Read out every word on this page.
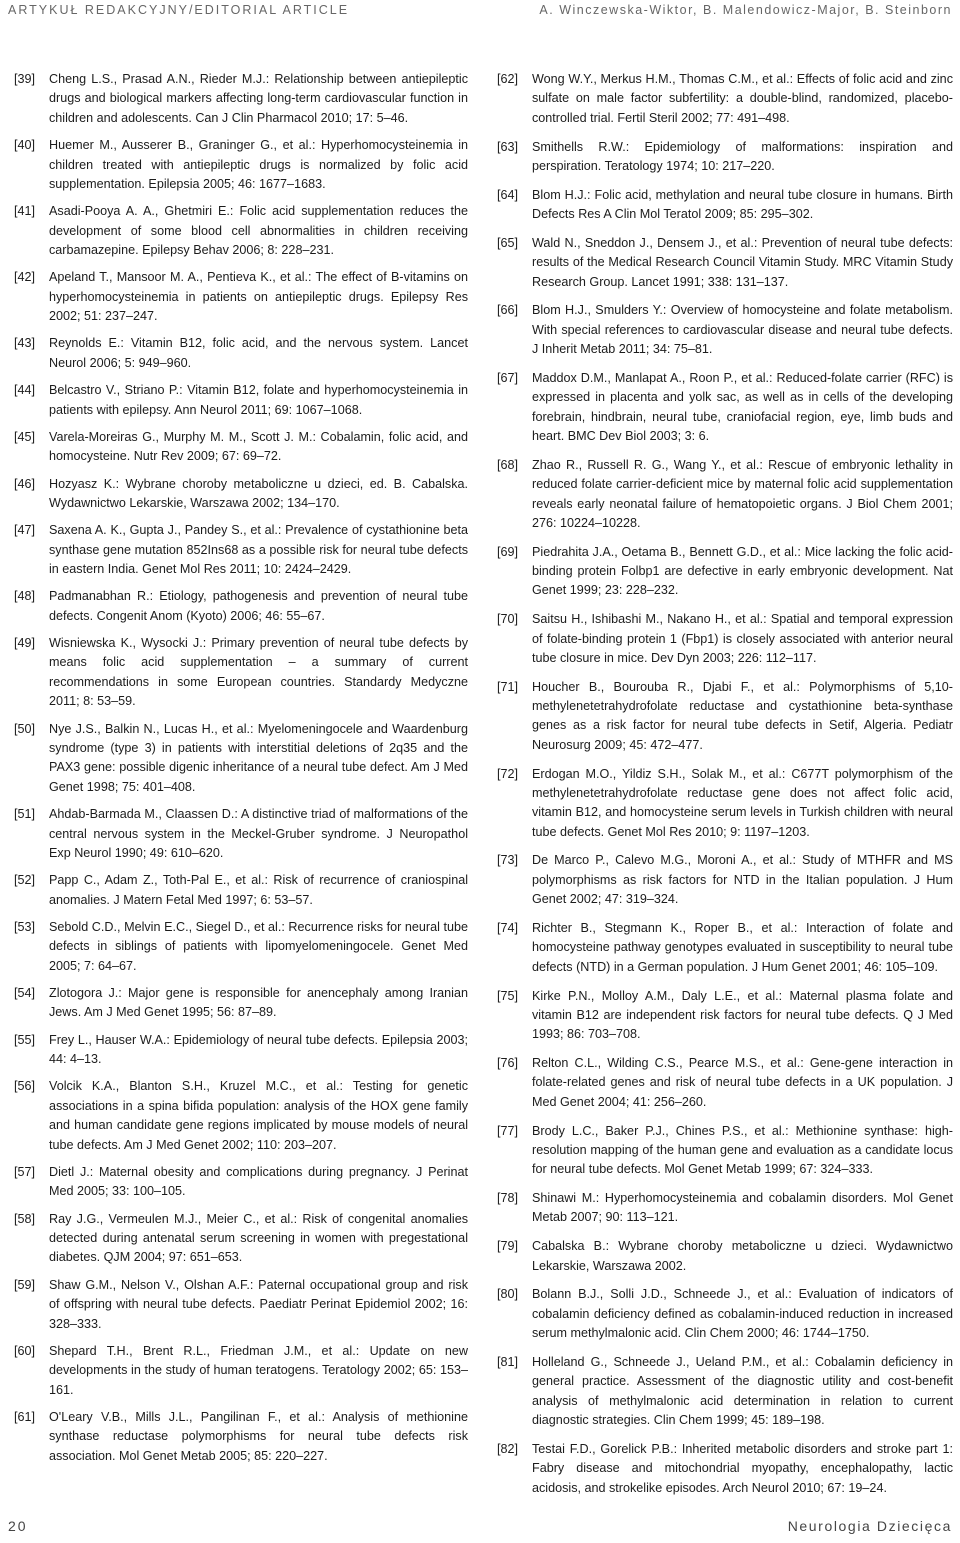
ARTYKUŁ REDAKCYJNY/EDITORIAL ARTICLE	A. Winczewska-Wiktor, B. Malendowicz-Major, B. Steinborn
[39] Cheng L.S., Prasad A.N., Rieder M.J.: Relationship between antiepileptic drugs and biological markers affecting long-term cardiovascular function in children and adolescents. Can J Clin Pharmacol 2010; 17: 5–46.
[40] Huemer M., Ausserer B., Graninger G., et al.: Hyperhomocysteinemia in children treated with antiepileptic drugs is normalized by folic acid supplementation. Epilepsia 2005; 46: 1677–1683.
[41] Asadi-Pooya A. A., Ghetmiri E.: Folic acid supplementation reduces the development of some blood cell abnormalities in children receiving carbamazepine. Epilepsy Behav 2006; 8: 228–231.
[42] Apeland T., Mansoor M. A., Pentieva K., et al.: The effect of B-vitamins on hyperhomocysteinemia in patients on antiepileptic drugs. Epilepsy Res 2002; 51: 237–247.
[43] Reynolds E.: Vitamin B12, folic acid, and the nervous system. Lancet Neurol 2006; 5: 949–960.
[44] Belcastro V., Striano P.: Vitamin B12, folate and hyperhomocysteinemia in patients with epilepsy. Ann Neurol 2011; 69: 1067–1068.
[45] Varela-Moreiras G., Murphy M. M., Scott J. M.: Cobalamin, folic acid, and homocysteine. Nutr Rev 2009; 67: 69–72.
[46] Hozyasz K.: Wybrane choroby metaboliczne u dzieci, ed. B. Cabalska. Wydawnictwo Lekarskie, Warszawa 2002; 134–170.
[47] Saxena A. K., Gupta J., Pandey S., et al.: Prevalence of cystathionine beta synthase gene mutation 852Ins68 as a possible risk for neural tube defects in eastern India. Genet Mol Res 2011; 10: 2424–2429.
[48] Padmanabhan R.: Etiology, pathogenesis and prevention of neural tube defects. Congenit Anom (Kyoto) 2006; 46: 55–67.
[49] Wisniewska K., Wysocki J.: Primary prevention of neural tube defects by means folic acid supplementation – a summary of current recommendations in some European countries. Standardy Medyczne 2011; 8: 53–59.
[50] Nye J.S., Balkin N., Lucas H., et al.: Myelomeningocele and Waardenburg syndrome (type 3) in patients with interstitial deletions of 2q35 and the PAX3 gene: possible digenic inheritance of a neural tube defect. Am J Med Genet 1998; 75: 401–408.
[51] Ahdab-Barmada M., Claassen D.: A distinctive triad of malformations of the central nervous system in the Meckel-Gruber syndrome. J Neuropathol Exp Neurol 1990; 49: 610–620.
[52] Papp C., Adam Z., Toth-Pal E., et al.: Risk of recurrence of craniospinal anomalies. J Matern Fetal Med 1997; 6: 53–57.
[53] Sebold C.D., Melvin E.C., Siegel D., et al.: Recurrence risks for neural tube defects in siblings of patients with lipomyelomeningocele. Genet Med 2005; 7: 64–67.
[54] Zlotogora J.: Major gene is responsible for anencephaly among Iranian Jews. Am J Med Genet 1995; 56: 87–89.
[55] Frey L., Hauser W.A.: Epidemiology of neural tube defects. Epilepsia 2003; 44: 4–13.
[56] Volcik K.A., Blanton S.H., Kruzel M.C., et al.: Testing for genetic associations in a spina bifida population: analysis of the HOX gene family and human candidate gene regions implicated by mouse models of neural tube defects. Am J Med Genet 2002; 110: 203–207.
[57] Dietl J.: Maternal obesity and complications during pregnancy. J Perinat Med 2005; 33: 100–105.
[58] Ray J.G., Vermeulen M.J., Meier C., et al.: Risk of congenital anomalies detected during antenatal serum screening in women with pregestational diabetes. QJM 2004; 97: 651–653.
[59] Shaw G.M., Nelson V., Olshan A.F.: Paternal occupational group and risk of offspring with neural tube defects. Paediatr Perinat Epidemiol 2002; 16: 328–333.
[60] Shepard T.H., Brent R.L., Friedman J.M., et al.: Update on new developments in the study of human teratogens. Teratology 2002; 65: 153–161.
[61] O'Leary V.B., Mills J.L., Pangilinan F., et al.: Analysis of methionine synthase reductase polymorphisms for neural tube defects risk association. Mol Genet Metab 2005; 85: 220–227.
[62] Wong W.Y., Merkus H.M., Thomas C.M., et al.: Effects of folic acid and zinc sulfate on male factor subfertility: a double-blind, randomized, placebo-controlled trial. Fertil Steril 2002; 77: 491–498.
[63] Smithells R.W.: Epidemiology of malformations: inspiration and perspiration. Teratology 1974; 10: 217–220.
[64] Blom H.J.: Folic acid, methylation and neural tube closure in humans. Birth Defects Res A Clin Mol Teratol 2009; 85: 295–302.
[65] Wald N., Sneddon J., Densem J., et al.: Prevention of neural tube defects: results of the Medical Research Council Vitamin Study. MRC Vitamin Study Research Group. Lancet 1991; 338: 131–137.
[66] Blom H.J., Smulders Y.: Overview of homocysteine and folate metabolism. With special references to cardiovascular disease and neural tube defects. J Inherit Metab 2011; 34: 75–81.
[67] Maddox D.M., Manlapat A., Roon P., et al.: Reduced-folate carrier (RFC) is expressed in placenta and yolk sac, as well as in cells of the developing forebrain, hindbrain, neural tube, craniofacial region, eye, limb buds and heart. BMC Dev Biol 2003; 3: 6.
[68] Zhao R., Russell R. G., Wang Y., et al.: Rescue of embryonic lethality in reduced folate carrier-deficient mice by maternal folic acid supplementation reveals early neonatal failure of hematopoietic organs. J Biol Chem 2001; 276: 10224–10228.
[69] Piedrahita J.A., Oetama B., Bennett G.D., et al.: Mice lacking the folic acid-binding protein Folbp1 are defective in early embryonic development. Nat Genet 1999; 23: 228–232.
[70] Saitsu H., Ishibashi M., Nakano H., et al.: Spatial and temporal expression of folate-binding protein 1 (Fbp1) is closely associated with anterior neural tube closure in mice. Dev Dyn 2003; 226: 112–117.
[71] Houcher B., Bourouba R., Djabi F., et al.: Polymorphisms of 5,10-methylenetetrahydrofolate reductase and cystathionine beta-synthase genes as a risk factor for neural tube defects in Setif, Algeria. Pediatr Neurosurg 2009; 45: 472–477.
[72] Erdogan M.O., Yildiz S.H., Solak M., et al.: C677T polymorphism of the methylenetetrahydrofolate reductase gene does not affect folic acid, vitamin B12, and homocysteine serum levels in Turkish children with neural tube defects. Genet Mol Res 2010; 9: 1197–1203.
[73] De Marco P., Calevo M.G., Moroni A., et al.: Study of MTHFR and MS polymorphisms as risk factors for NTD in the Italian population. J Hum Genet 2002; 47: 319–324.
[74] Richter B., Stegmann K., Roper B., et al.: Interaction of folate and homocysteine pathway genotypes evaluated in susceptibility to neural tube defects (NTD) in a German population. J Hum Genet 2001; 46: 105–109.
[75] Kirke P.N., Molloy A.M., Daly L.E., et al.: Maternal plasma folate and vitamin B12 are independent risk factors for neural tube defects. Q J Med 1993; 86: 703–708.
[76] Relton C.L., Wilding C.S., Pearce M.S., et al.: Gene-gene interaction in folate-related genes and risk of neural tube defects in a UK population. J Med Genet 2004; 41: 256–260.
[77] Brody L.C., Baker P.J., Chines P.S., et al.: Methionine synthase: high-resolution mapping of the human gene and evaluation as a candidate locus for neural tube defects. Mol Genet Metab 1999; 67: 324–333.
[78] Shinawi M.: Hyperhomocysteinemia and cobalamin disorders. Mol Genet Metab 2007; 90: 113–121.
[79] Cabalska B.: Wybrane choroby metaboliczne u dzieci. Wydawnictwo Lekarskie, Warszawa 2002.
[80] Bolann B.J., Solli J.D., Schneede J., et al.: Evaluation of indicators of cobalamin deficiency defined as cobalamin-induced reduction in increased serum methylmalonic acid. Clin Chem 2000; 46: 1744–1750.
[81] Holleland G., Schneede J., Ueland P.M., et al.: Cobalamin deficiency in general practice. Assessment of the diagnostic utility and cost-benefit analysis of methylmalonic acid determination in relation to current diagnostic strategies. Clin Chem 1999; 45: 189–198.
[82] Testai F.D., Gorelick P.B.: Inherited metabolic disorders and stroke part 1: Fabry disease and mitochondrial myopathy, encephalopathy, lactic acidosis, and strokelike episodes. Arch Neurol 2010; 67: 19–24.
20	Neurologia Dziecięca
